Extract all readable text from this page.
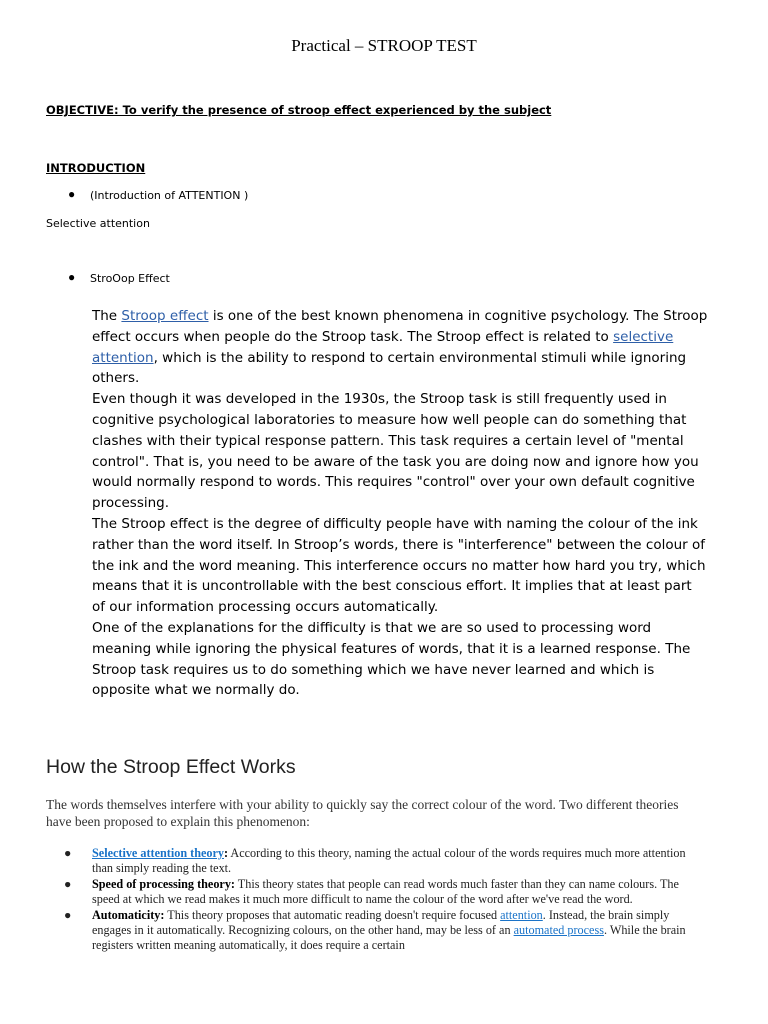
Practical – STROOP TEST
OBJECTIVE: To verify the presence of stroop effect experienced by the subject
INTRODUCTION
● (Introduction of ATTENTION )
Selective attention
● StroOop Effect

The Stroop effect is one of the best known phenomena in cognitive psychology. The Stroop effect occurs when people do the Stroop task. The Stroop effect is related to selective attention, which is the ability to respond to certain environmental stimuli while ignoring others.

Even though it was developed in the 1930s, the Stroop task is still frequently used in cognitive psychological laboratories to measure how well people can do something that clashes with their typical response pattern. This task requires a certain level of "mental control". That is, you need to be aware of the task you are doing now and ignore how you would normally respond to words. This requires "control" over your own default cognitive processing.

The Stroop effect is the degree of difficulty people have with naming the colour of the ink rather than the word itself. In Stroop’s words, there is "interference" between the colour of the ink and the word meaning. This interference occurs no matter how hard you try, which means that it is uncontrollable with the best conscious effort. It implies that at least part of our information processing occurs automatically.

One of the explanations for the difficulty is that we are so used to processing word meaning while ignoring the physical features of words, that it is a learned response. The Stroop task requires us to do something which we have never learned and which is opposite what we normally do.

How the Stroop Effect Works
The words themselves interfere with your ability to quickly say the correct colour of the word. Two different theories have been proposed to explain this phenomenon:
● Selective attention theory: According to this theory, naming the actual colour of the words requires much more attention than simply reading the text.
● Speed of processing theory: This theory states that people can read words much faster than they can name colours. The speed at which we read makes it much more difficult to name the colour of the word after we've read the word.
● Automaticity: This theory proposes that automatic reading doesn't require focused attention. Instead, the brain simply engages in it automatically. Recognizing colours, on the other hand, may be less of an automated process. While the brain registers written meaning automatically, it does require a certain
